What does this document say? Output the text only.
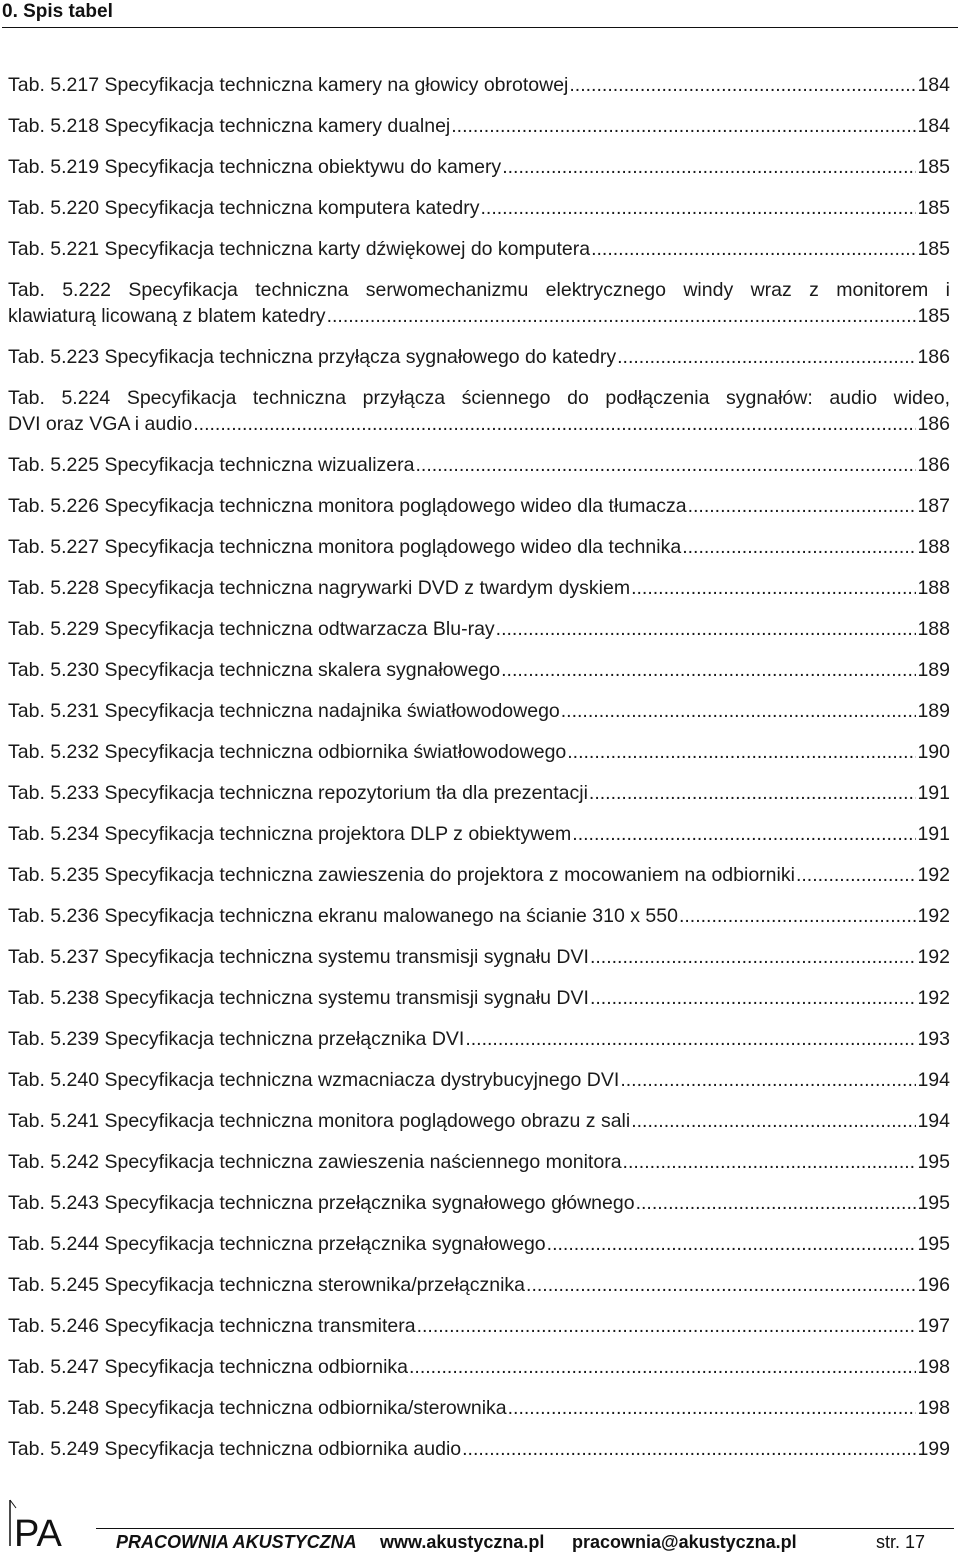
0. Spis tabel
Tab. 5.217 Specyfikacja techniczna kamery na głowicy obrotowej .....	184
Tab. 5.218 Specyfikacja techniczna kamery dualnej .....	184
Tab. 5.219 Specyfikacja techniczna obiektywu do kamery .....	185
Tab. 5.220 Specyfikacja techniczna komputera katedry .....	185
Tab. 5.221 Specyfikacja techniczna karty dźwiękowej do komputera .....	185
Tab. 5.222 Specyfikacja techniczna serwomechanizmu elektrycznego windy wraz z monitorem i
klawiaturą licowaną z blatem katedry .....	185
Tab. 5.223 Specyfikacja techniczna przyłącza sygnałowego do katedry .....	186
Tab. 5.224 Specyfikacja techniczna przyłącza ściennego do podłączenia sygnałów: audio wideo,
DVI oraz VGA i audio .....	186
Tab. 5.225 Specyfikacja techniczna wizualizera .....	186
Tab. 5.226 Specyfikacja techniczna monitora poglądowego wideo dla tłumacza .....	187
Tab. 5.227 Specyfikacja techniczna monitora poglądowego wideo dla technika .....	188
Tab. 5.228 Specyfikacja techniczna nagrywarki DVD z twardym dyskiem .....	188
Tab. 5.229 Specyfikacja techniczna odtwarzacza Blu-ray .....	188
Tab. 5.230 Specyfikacja techniczna skalera sygnałowego .....	189
Tab. 5.231 Specyfikacja techniczna nadajnika światłowodowego .....	189
Tab. 5.232 Specyfikacja techniczna odbiornika światłowodowego .....	190
Tab. 5.233 Specyfikacja techniczna repozytorium tła dla prezentacji .....	191
Tab. 5.234 Specyfikacja techniczna projektora DLP z obiektywem .....	191
Tab. 5.235 Specyfikacja techniczna zawieszenia do projektora z mocowaniem na odbiorniki .....	192
Tab. 5.236 Specyfikacja techniczna ekranu malowanego na ścianie 310 x 550 .....	192
Tab. 5.237 Specyfikacja techniczna systemu transmisji sygnału DVI .....	192
Tab. 5.238 Specyfikacja techniczna systemu transmisji sygnału DVI .....	192
Tab. 5.239 Specyfikacja techniczna przełącznika DVI .....	193
Tab. 5.240 Specyfikacja techniczna wzmacniacza dystrybucyjnego DVI .....	194
Tab. 5.241 Specyfikacja techniczna monitora poglądowego obrazu z sali .....	194
Tab. 5.242 Specyfikacja techniczna zawieszenia naściennego monitora .....	195
Tab. 5.243 Specyfikacja techniczna przełącznika sygnałowego głównego .....	195
Tab. 5.244 Specyfikacja techniczna przełącznika sygnałowego .....	195
Tab. 5.245 Specyfikacja techniczna sterownika/przełącznika .....	196
Tab. 5.246 Specyfikacja techniczna transmitera .....	197
Tab. 5.247 Specyfikacja techniczna odbiornika .....	198
Tab. 5.248 Specyfikacja techniczna odbiornika/sterownika .....	198
Tab. 5.249 Specyfikacja techniczna odbiornika audio .....	199
PA	PRACOWNIA AKUSTYCZNA www.akustyczna.pl pracownia@akustyczna.pl	str. 17
